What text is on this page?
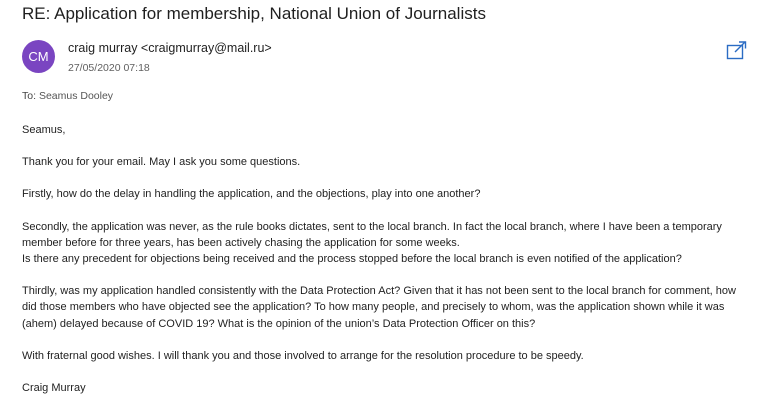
RE: Application for membership, National Union of Journalists
CM
craig murray <craigmurray@mail.ru>
27/05/2020 07:18
To: Seamus Dooley

Seamus,

Thank you for your email. May I ask you some questions.

Firstly, how do the delay in handling the application, and the objections, play into one another?

Secondly, the application was never, as the rule books dictates, sent to the local branch. In fact the local branch, where I have been a temporary
member before for three years, has been actively chasing the application for some weeks.
Is there any precedent for objections being received and the process stopped before the local branch is even notified of the application?

Thirdly, was my application handled consistently with the Data Protection Act? Given that it has not been sent to the local branch for comment, how
did those members who have objected see the application? To how many people, and precisely to whom, was the application shown while it was
(ahem) delayed because of COVID 19? What is the opinion of the union’s Data Protection Officer on this?

With fraternal good wishes. I will thank you and those involved to arrange for the resolution procedure to be speedy.

Craig Murray
